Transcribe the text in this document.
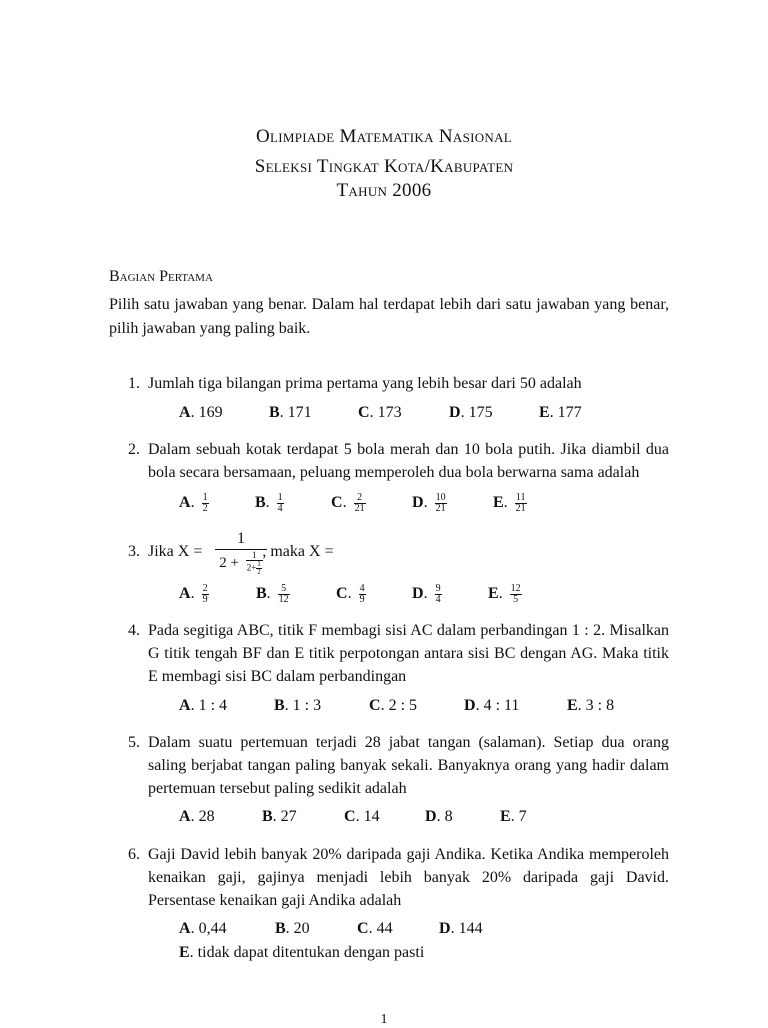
Olimpiade Matematika Nasional
Seleksi Tingkat Kota/Kabupaten
Tahun 2006
Bagian Pertama
Pilih satu jawaban yang benar. Dalam hal terdapat lebih dari satu jawaban yang benar, pilih jawaban yang paling baik.
1. Jumlah tiga bilangan prima pertama yang lebih besar dari 50 adalah
A. 169	B. 171	C. 173	D. 175	E. 177
2. Dalam sebuah kotak terdapat 5 bola merah dan 10 bola putih. Jika diambil dua bola secara bersamaan, peluang memperoleh dua bola berwarna sama adalah
A. $\frac{1}{2}$	B. $\frac{1}{4}$	C. $\frac{2}{21}$	D. $\frac{10}{21}$	E. $\frac{11}{21}$
3. Jika X =	, maka X =
1
$2 + \frac{1}{2+ \frac{1}{2}}$
A. $\frac{2}{9}$	B. $\frac{5}{12}$	C. $\frac{4}{9}$	D. $\frac{9}{4}$	E. $\frac{12}{5}$
4. Pada segitiga ABC, titik F membagi sisi AC dalam perbandingan 1 : 2. Misalkan G titik tengah BF dan E titik perpotongan antara sisi BC dengan AG. Maka titik E membagi sisi BC dalam perbandingan
A. 1 : 4	B. 1 : 3	C. 2 : 5	D. 4 : 11	E. 3 : 8
5. Dalam suatu pertemuan terjadi 28 jabat tangan (salaman). Setiap dua orang saling berjabat tangan paling banyak sekali. Banyaknya orang yang hadir dalam pertemuan tersebut paling sedikit adalah
A. 28	B. 27	C. 14	D. 8	E. 7
6. Gaji David lebih banyak 20% daripada gaji Andika. Ketika Andika memperoleh kenaikan gaji, gajinya menjadi lebih banyak 20% daripada gaji David. Persentase kenaikan gaji Andika adalah
A. 0,44	B. 20	C. 44	D. 144
E. tidak dapat ditentukan dengan pasti
1
